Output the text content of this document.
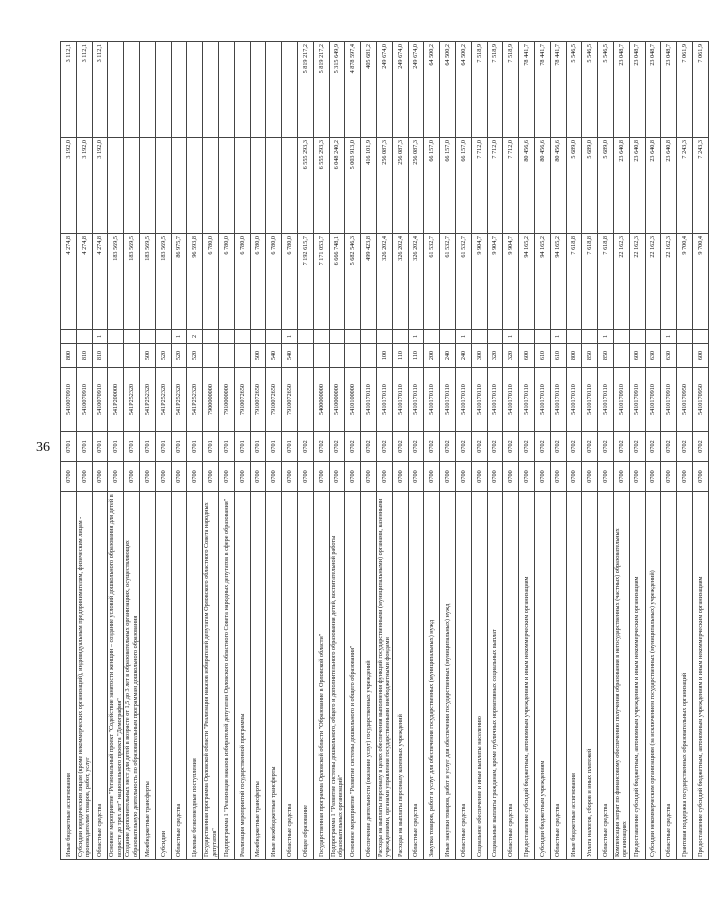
36
Иные бюджетные ассигнования	0700	0701	5410070910	800		4 274,8	3 192,0	3 112,1
Субсидии юридическим лицам (кроме некоммерческих организаций), индивидуальным предпринимателям, физическим лицам - производителям товаров, работ, услуг	0700	0701	5410070910	810		4 274,8	3 192,0	3 112,1
Областные средства	0700	0701	5410070910	810	1	4 274,8	3 192,0	3 112,1
Основное мероприятие "Региональный проект "Содействие занятости женщин – создание условий дошкольного образования для детей в возрасте до трех лет" национального проекта "Демография"	0700	0701	541P200000			183 569,5		
Создание дополнительных мест для детей в возрасте от 1,5 до 3 лет в образовательных организациях, осуществляющих образовательную деятельность по образовательным программам дошкольного образования	0700	0701	541P252320			183 569,5		
Межбюджетные трансферты	0700	0701	541P252320	500		183 569,5		
Субсидии	0700	0701	541P252320	520		183 569,5		
Областные средства	0700	0701	541P252320	520	1	86 975,7		
Целевые безвозмездные поступления	0700	0701	541P252320	520	2	96 593,8		
Государственная программа Орловской области "Реализация наказов избирателей депутатам Орловского областного Совета народных депутатов"	0700	0701	7900000000			6 780,0		
Подпрограмма 1 "Реализация наказов избирателей депутатам Орловского областного Совета народных депутатов в сфере образования"	0700	0701	7910000000			6 780,0		
Реализация мероприятий государственной программы	0700	0701	7910072650			6 780,0		
Межбюджетные трансферты	0700	0701	7910072650	500		6 780,0		
Иные межбюджетные трансферты	0700	0701	7910072650	540		6 780,0		
Областные средства	0700	0701	7910072650	540	1	6 780,0		
Общее образование	0700	0702				7 192 615,7	6 555 293,3	5 819 217,2
Государственная программа Орловской области "Образование в Орловской области"	0700	0702	5400000000			7 171 053,7	6 555 293,3	5 819 217,2
Подпрограмма 1 "Развитие системы дошкольного, общего и дополнительного образования детей, воспитательной работы образовательных организаций"	0700	0702	5410000000			6 666 748,1	6 048 240,2	5 315 649,9
Основное мероприятие "Развитие системы дошкольного и общего образования"	0700	0702	5410100000			5 682 546,3	5 003 913,0	4 878 597,4
Обеспечение деятельности (оказание услуг) государственных учреждений	0700	0702	5410170110			499 423,8	416 101,9	405 681,2
Расходы на выплаты персоналу в целях обеспечения выполнения функций государственными (муниципальными) органами, казенными учреждениями, органами управления государственными внебюджетными фондами	0700	0702	5410170110	100		326 202,4	256 087,3	249 674,0
Расходы на выплаты персоналу казенных учреждений	0700	0702	5410170110	110		326 202,4	256 087,3	249 674,0
Областные средства	0700	0702	5410170110	110	1	326 202,4	256 087,3	249 674,0
Закупка товаров, работ и услуг для обеспечения государственных (муниципальных) нужд	0700	0702	5410170110	200		61 532,7	66 157,0	64 500,2
Иные закупки товаров, работ и услуг для обеспечения государственных (муниципальных) нужд	0700	0702	5410170110	240		61 532,7	66 157,0	64 500,2
Областные средства	0700	0702	5410170110	240	1	61 532,7	66 157,0	64 500,2
Социальное обеспечение и иные выплаты населению	0700	0702	5410170110	300		9 904,7	7 712,0	7 518,9
Социальные выплаты гражданам, кроме публичных нормативных социальных выплат	0700	0702	5410170110	320		9 904,7	7 712,0	7 518,9
Областные средства	0700	0702	5410170110	320	1	9 904,7	7 712,0	7 518,9
Предоставление субсидий бюджетным, автономным учреждениям и иным некоммерческим организациям	0700	0702	5410170110	600		94 165,2	80 456,6	78 441,7
Субсидии бюджетным учреждениям	0700	0702	5410170110	610		94 165,2	80 456,6	78 441,7
Областные средства	0700	0702	5410170110	610	1	94 165,2	80 456,6	78 441,7
Иные бюджетные ассигнования	0700	0702	5410170110	800		7 618,8	5 689,0	5 546,5
Уплата налогов, сборов и иных платежей	0700	0702	5410170110	850		7 618,8	5 689,0	5 546,5
Областные средства	0700	0702	5410170110	850	1	7 618,8	5 689,0	5 546,5
Компенсация затрат по финансовому обеспечению получения образования в негосударственных (частных) образовательных организациях	0700	0702	5410170910			22 162,3	23 640,8	23 048,7
Предоставление субсидий бюджетным, автономным учреждениям и иным некоммерческим организациям	0700	0702	5410170910	600		22 162,3	23 640,8	23 048,7
Субсидии некоммерческим организациям (за исключением государственных (муниципальных) учреждений)	0700	0702	5410170910	630		22 162,3	23 640,8	23 048,7
Областные средства	0700	0702	5410170910	630	1	22 162,3	23 640,8	23 048,7
Грантовая поддержка государственных образовательных организаций	0700	0702	5410170950			9 700,4	7 243,3	7 061,9
Предоставление субсидий бюджетным, автономным учреждениям и иным некоммерческим организациям	0700	0702	5410170950	600		9 700,4	7 243,3	7 061,9
